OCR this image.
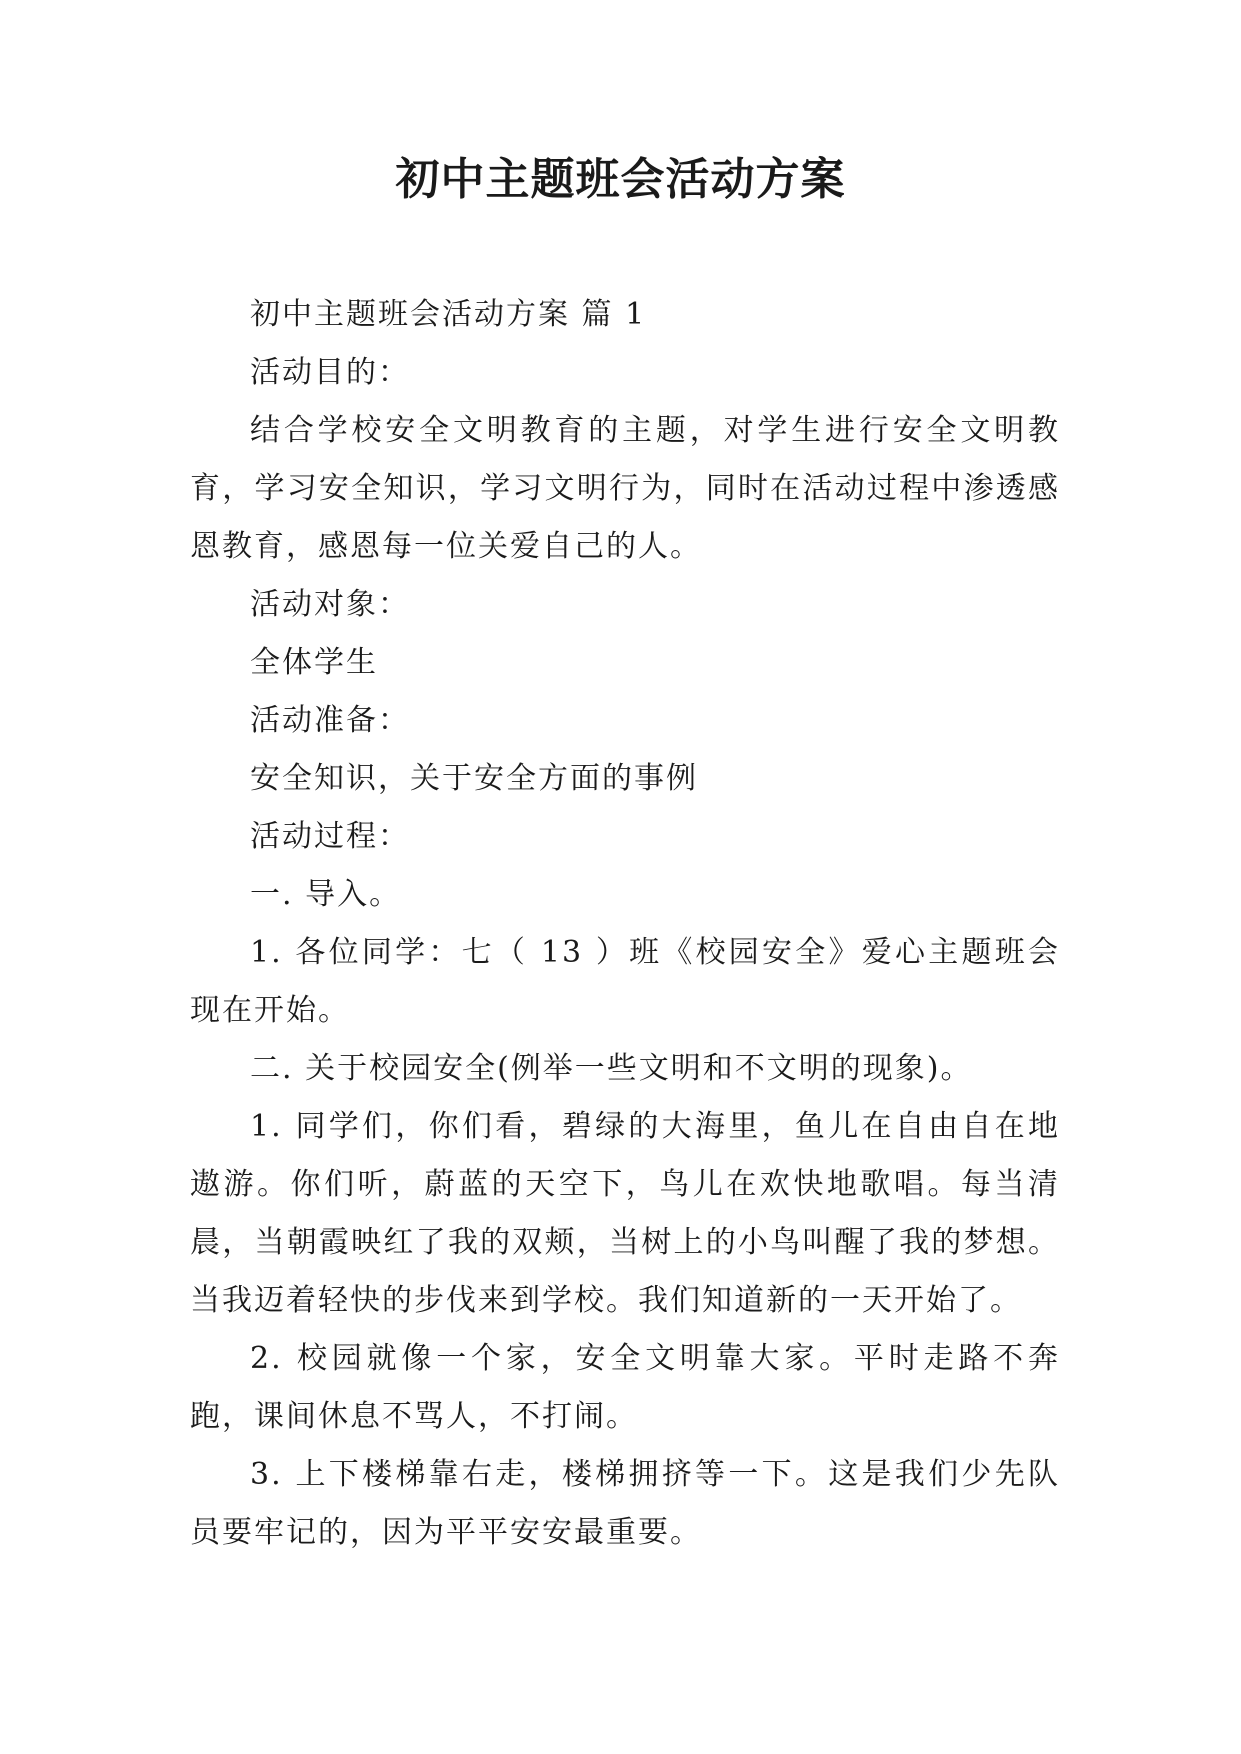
初中主题班会活动方案

初中主题班会活动方案 篇 1

活动目的：

结合学校安全文明教育的主题，对学生进行安全文明教育，学习安全知识，学习文明行为，同时在活动过程中渗透感恩教育，感恩每一位关爱自己的人。

活动对象：

全体学生

活动准备：

安全知识，关于安全方面的事例

活动过程：

一. 导入。

1. 各位同学：七（ 13 ）班《校园安全》爱心主题班会现在开始。

二. 关于校园安全(例举一些文明和不文明的现象)。

1. 同学们，你们看，碧绿的大海里，鱼儿在自由自在地遨游。你们听，蔚蓝的天空下，鸟儿在欢快地歌唱。每当清晨，当朝霞映红了我的双颊，当树上的小鸟叫醒了我的梦想。当我迈着轻快的步伐来到学校。我们知道新的一天开始了。

2. 校园就像一个家，安全文明靠大家。平时走路不奔跑，课间休息不骂人，不打闹。

3. 上下楼梯靠右走，楼梯拥挤等一下。这是我们少先队员要牢记的，因为平平安安最重要。
